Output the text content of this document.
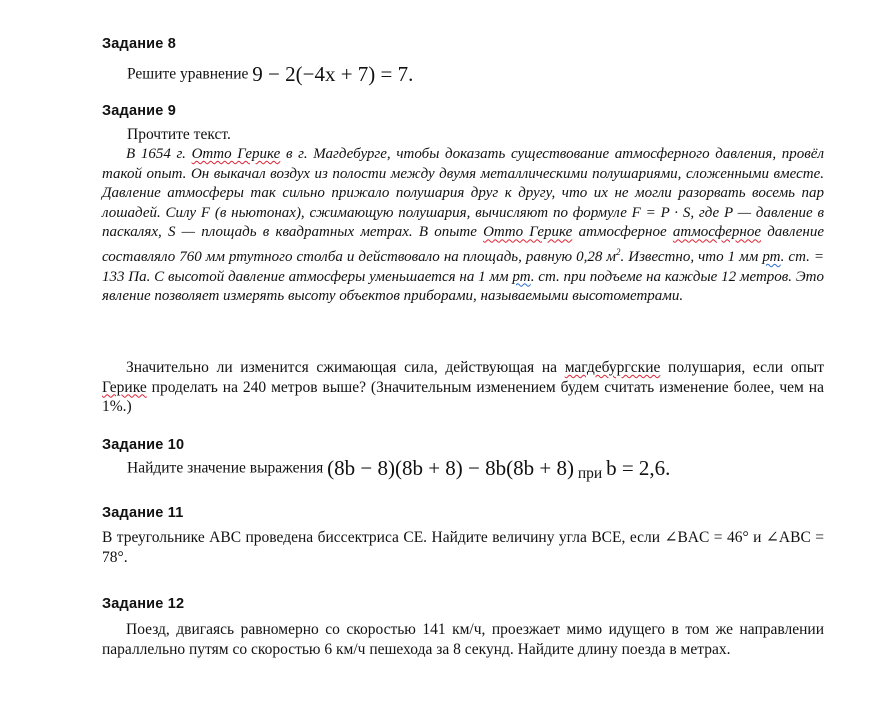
Задание 8
Решите уравнение 9 − 2(−4x + 7) = 7.
Задание 9
Прочтите текст.
В 1654 г. Отто Герике в г. Магдебурге, чтобы доказать существование атмосферного давления, провёл такой опыт. Он выкачал воздух из полости между двумя металлическими полушариями, сложенными вместе. Давление атмосферы так сильно прижало полушария друг к другу, что их не могли разорвать восемь пар лошадей. Силу F (в ньютонах), сжимающую полушария, вычисляют по формуле F = P · S, где P — давление в паскалях, S — площадь в квадратных метрах. В опыте Отто Герике атмосферное атмосферное давление составляло 760 мм ртутного столба и действовало на площадь, равную 0,28 $м^2$. Известно, что 1 мм рт. ст. = 133 Па. С высотой давление атмосферы уменьшается на 1 мм рт. ст. при подъеме на каждые 12 метров. Это явление позволяет измерять высоту объектов приборами, называемыми высотометрами.
Значительно ли изменится сжимающая сила, действующая на магдебургские полушария, если опыт Герике проделать на 240 метров выше? (Значительным изменением будем считать изменение более, чем на 1%.)
Задание 10
Найдите значение выражения (8b − 8)(8b + 8) − 8b(8b + 8) при b = 2,6.
Задание 11
В треугольнике ABC проведена биссектриса CE. Найдите величину угла BCE, если ∠BAC = 46° и ∠ABC = 78°.
Задание 12
Поезд, двигаясь равномерно со скоростью 141 км/ч, проезжает мимо идущего в том же направлении параллельно путям со скоростью 6 км/ч пешехода за 8 секунд. Найдите длину поезда в метрах.
